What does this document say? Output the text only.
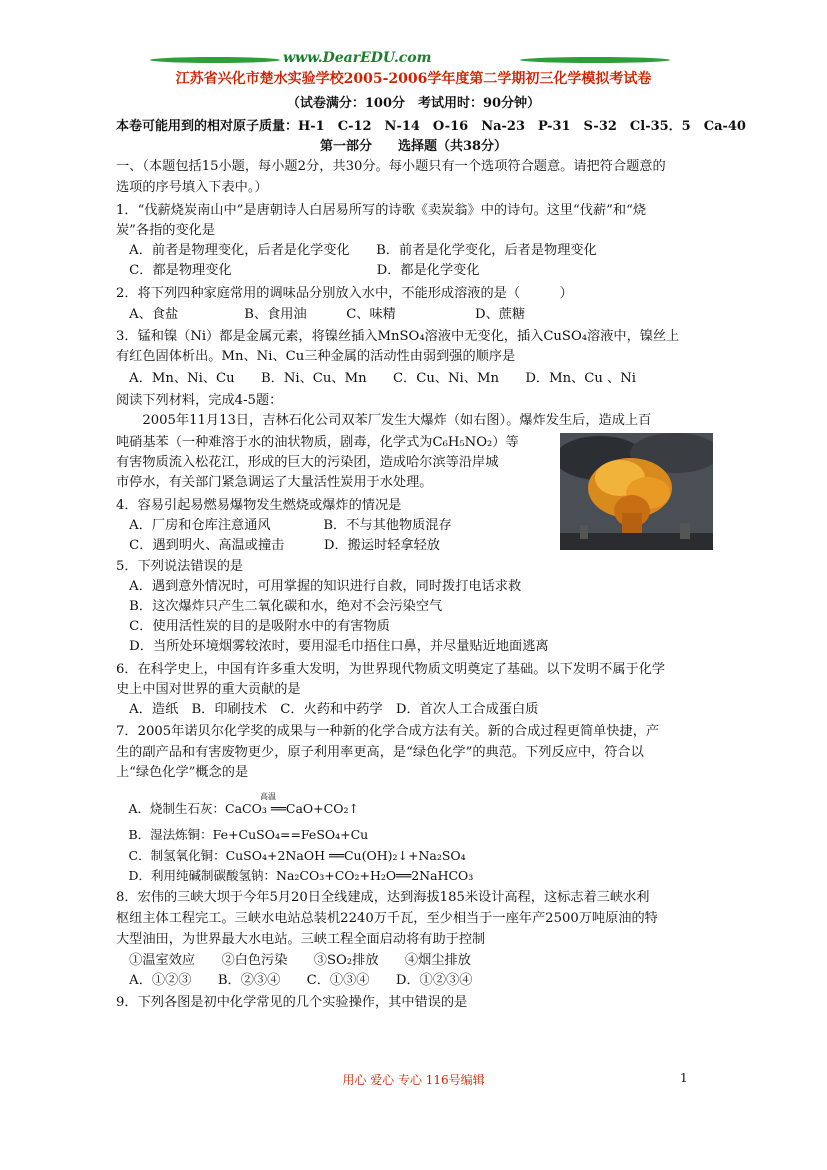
www.DearEDU.com
江苏省兴化市楚水实验学校2005-2006学年度第二学期初三化学模拟考试卷
（试卷满分：100分　考试用时：90分钟）
本卷可能用到的相对原子质量：H-1　C-12　N-14　O-16　Na-23　P-31　S-32　Cl-35．5　Ca-40
第一部分　　选择题（共38分）
一、（本题包括15小题，每小题2分，共30分。每小题只有一个选项符合题意。请把符合题意的
选项的序号填入下表中。）
1．“伐薪烧炭南山中”是唐朝诗人白居易所写的诗歌《卖炭翁》中的诗句。这里“伐薪”和“烧
炭”各指的变化是
　A．前者是物理变化，后者是化学变化　　B．前者是化学变化，后者是物理变化
　C．都是物理变化　　　　　　　　　　　D．都是化学变化
2．将下列四种家庭常用的调味品分别放入水中，不能形成溶液的是（　　　）
　A、食盐　　　　　B、食用油　　　C、味精　　　　　　D、蔗糖
3．锰和镍（Ni）都是金属元素，将镍丝插入MnSO₄溶液中无变化，插入CuSO₄溶液中，镍丝上
有红色固体析出。Mn、Ni、Cu三种金属的活动性由弱到强的顺序是
　A．Mn、Ni、Cu　　B．Ni、Cu、Mn　　C．Cu、Ni、Mn　　D．Mn、Cu 、Ni
阅读下列材料，完成4-5题：
　　2005年11月13日，吉林石化公司双苯厂发生大爆炸（如右图）。爆炸发生后，造成上百
吨硝基苯（一种难溶于水的油状物质，剧毒，化学式为C₆H₅NO₂）等
有害物质流入松花江，形成的巨大的污染团，造成哈尔滨等沿岸城
市停水，有关部门紧急调运了大量活性炭用于水处理。
4．容易引起易燃易爆物发生燃烧或爆炸的情况是
　A．厂房和仓库注意通风　　　　B．不与其他物质混存
　C．遇到明火、高温或撞击　　　D．搬运时轻拿轻放
5．下列说法错误的是
　A．遇到意外情况时，可用掌握的知识进行自救，同时拨打电话求救
　B．这次爆炸只产生二氧化碳和水，绝对不会污染空气
　C．使用活性炭的目的是吸附水中的有害物质
　D．当所处环境烟雾较浓时，要用湿毛巾捂住口鼻，并尽量贴近地面逃离
6．在科学史上，中国有许多重大发明，为世界现代物质文明奠定了基础。以下发明不属于化学
史上中国对世界的重大贡献的是
　A．造纸　B．印刷技术　C．火药和中药学　D．首次人工合成蛋白质
7．2005年诺贝尔化学奖的成果与一种新的化学合成方法有关。新的合成过程更简单快捷，产
生的副产品和有害废物更少，原子利用率更高，是“绿色化学”的典范。下列反应中，符合以
上“绿色化学”概念的是
高温
　A．烧制生石灰：CaCO₃ ══CaO+CO₂↑
　B．湿法炼铜：Fe+CuSO₄==FeSO₄+Cu
　C．制氢氧化铜：CuSO₄+2NaOH ══Cu(OH)₂↓+Na₂SO₄
　D．利用纯碱制碳酸氢钠：Na₂CO₃+CO₂+H₂O══2NaHCO₃
8．宏伟的三峡大坝于今年5月20日全线建成，达到海拔185米设计高程，这标志着三峡水利
枢纽主体工程完工。三峡水电站总装机2240万千瓦，至少相当于一座年产2500万吨原油的特
大型油田，为世界最大水电站。三峡工程全面启动将有助于控制
　①温室效应　　②白色污染　　③SO₂排放　　④烟尘排放
　A．①②③　　B．②③④　　C．①③④　　D．①②③④
9．下列各图是初中化学常见的几个实验操作，其中错误的是
用心 爱心 专心 116号编辑	1
